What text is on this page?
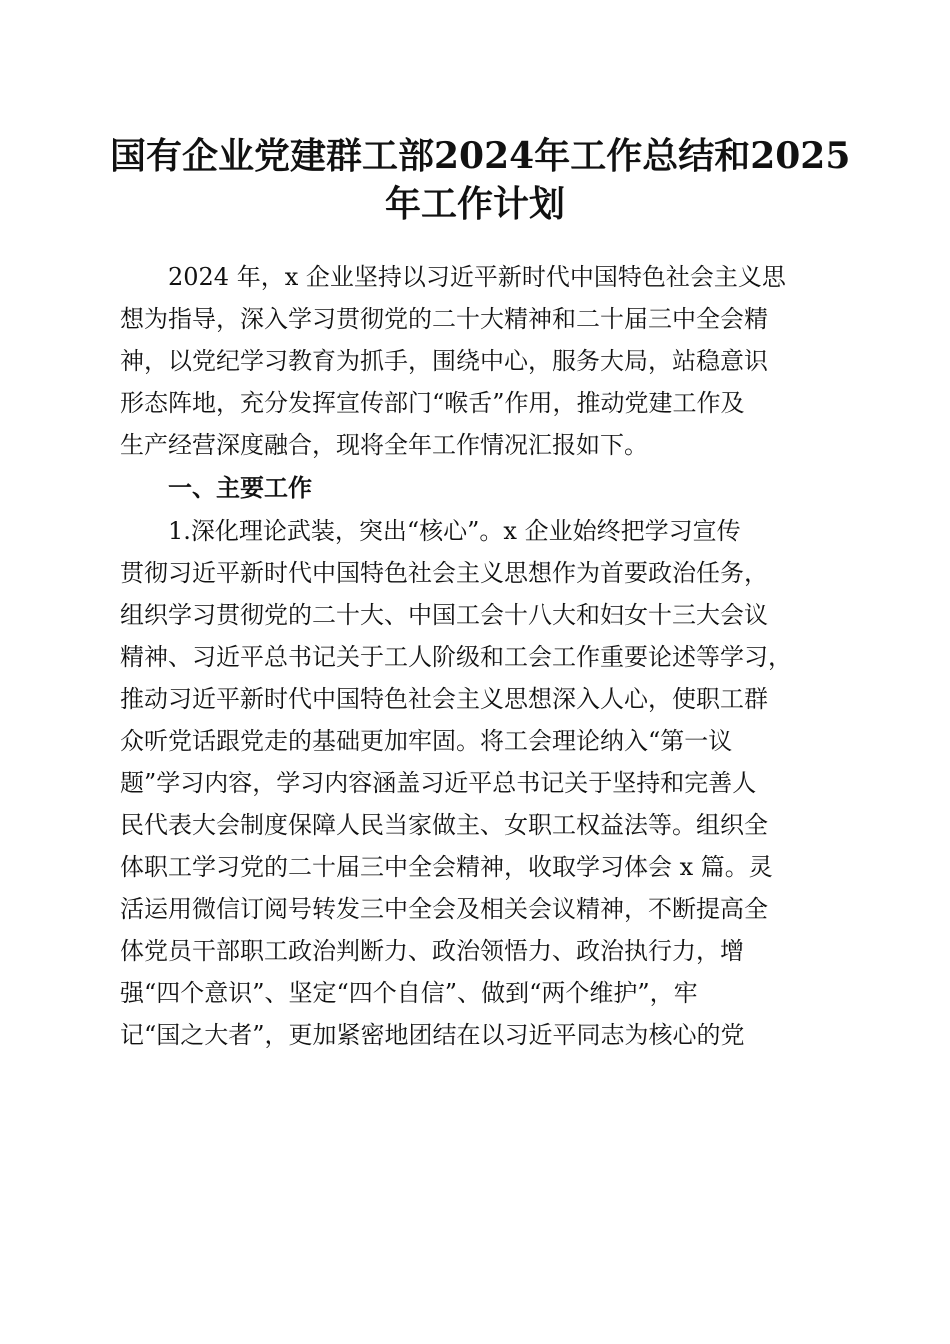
国有企业党建群工部2024年工作总结和2025
年工作计划

2024 年，x 企业坚持以习近平新时代中国特色社会主义思
想为指导，深入学习贯彻党的二十大精神和二十届三中全会精
神，以党纪学习教育为抓手，围绕中心，服务大局，站稳意识
形态阵地，充分发挥宣传部门“喉舌”作用，推动党建工作及
生产经营深度融合，现将全年工作情况汇报如下。

一、主要工作

1.深化理论武装，突出“核心”。x 企业始终把学习宣传
贯彻习近平新时代中国特色社会主义思想作为首要政治任务，
组织学习贯彻党的二十大、中国工会十八大和妇女十三大会议
精神、习近平总书记关于工人阶级和工会工作重要论述等学习，
推动习近平新时代中国特色社会主义思想深入人心，使职工群
众听党话跟党走的基础更加牢固。将工会理论纳入“第一议
题”学习内容，学习内容涵盖习近平总书记关于坚持和完善人
民代表大会制度保障人民当家做主、女职工权益法等。组织全
体职工学习党的二十届三中全会精神，收取学习体会 x 篇。灵
活运用微信订阅号转发三中全会及相关会议精神，不断提高全
体党员干部职工政治判断力、政治领悟力、政治执行力，增
强“四个意识”、坚定“四个自信”、做到“两个维护”，牢
记“国之大者”，更加紧密地团结在以习近平同志为核心的党
